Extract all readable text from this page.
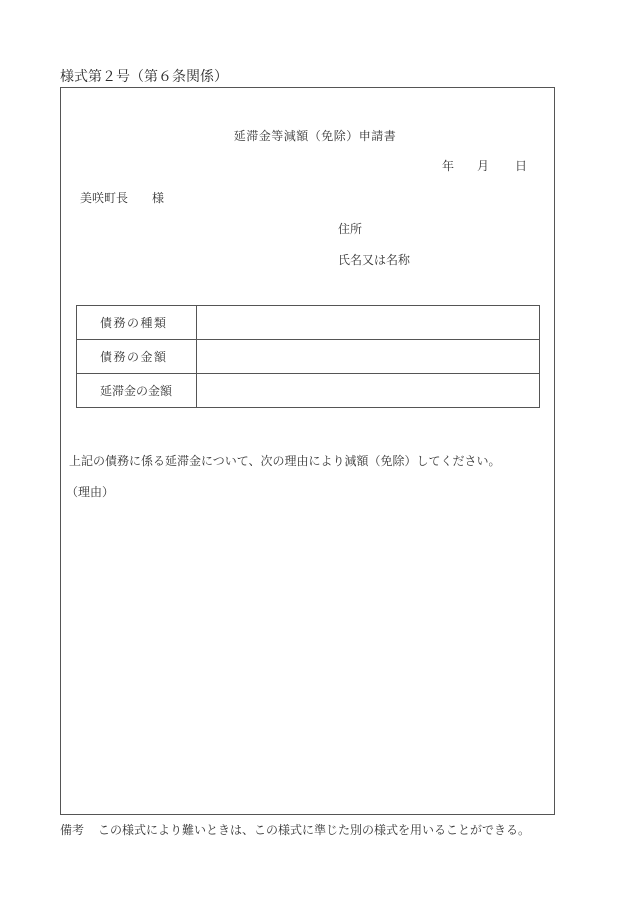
様式第２号（第６条関係）
延滞金等減額（免除）申請書
年	月	日
美咲町長 様
住所
氏名又は名称
債務の種類	
債務の金額	
延滞金の金額	
上記の債務に係る延滞金について、次の理由により減額（免除）してください。
（理由）
備考 この様式により難いときは、この様式に準じた別の様式を用いることができる。
